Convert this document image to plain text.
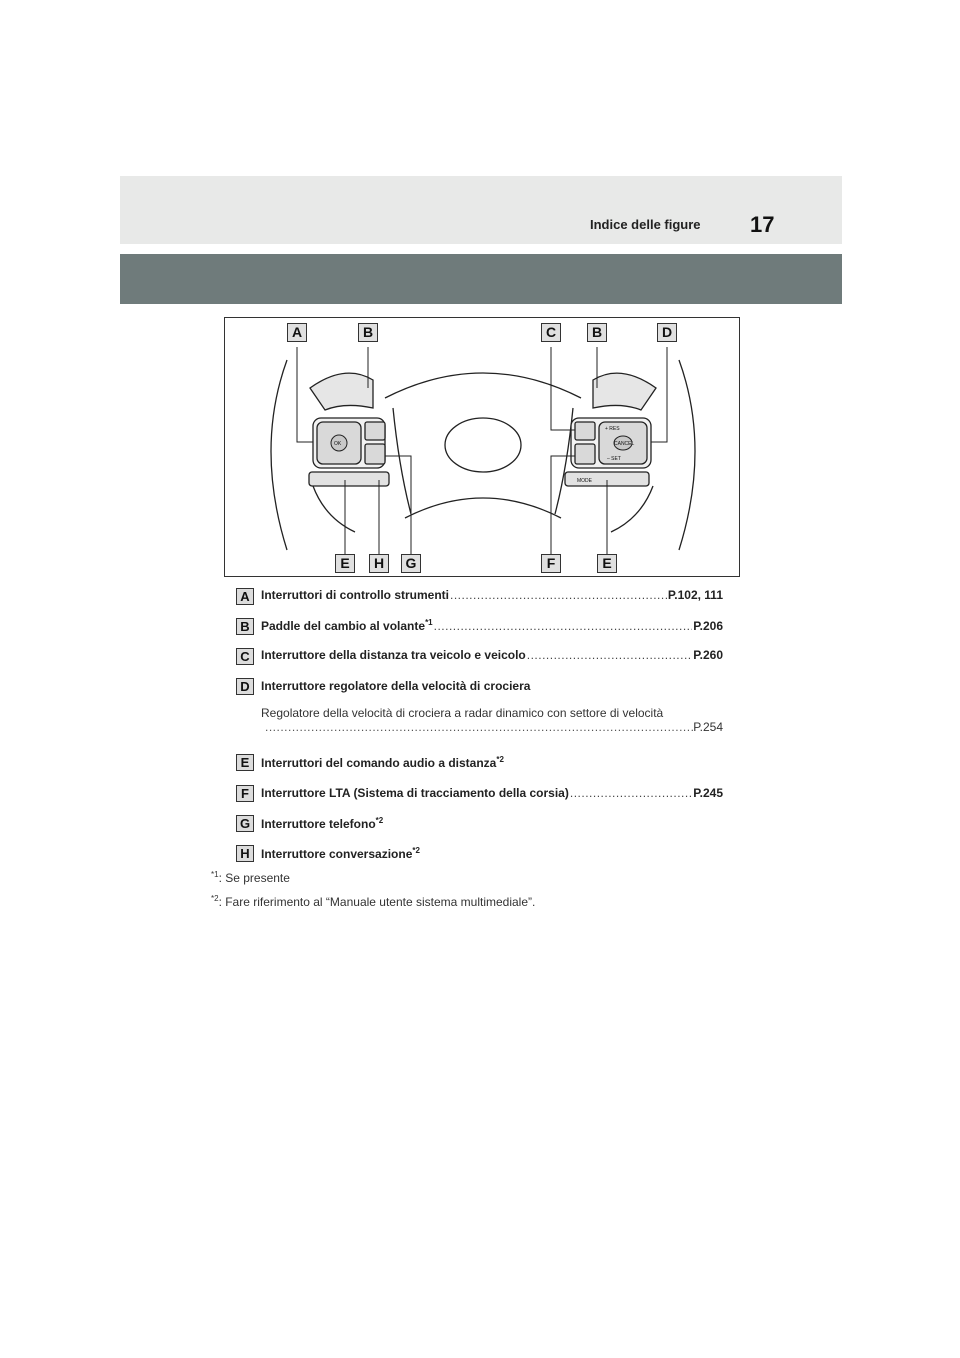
Indice delle figure 17
OK
+ RES
CANCEL
– SET
MODE
A	B	C	B	D
E	H	G	F	E
A Interruttori di controllo strumenti .....	P.102, 111
B Paddle del cambio al volante$^{*1}$ .....	P.206
C Interruttore della distanza tra veicolo e veicolo .....	P.260
D Interruttore regolatore della velocità di crociera
Regolatore della velocità di crociera a radar dinamico con settore di velocità
.....
P.254
E Interruttori del comando audio a distanza$^{*2}$
F	Interruttore LTA (Sistema di tracciamento della corsia) .....	P.245
G Interruttore telefono$^{*2}$
H Interruttore conversazione$^{*2}$
$^{*1}$: Se presente
$^{*2}$: Fare riferimento al “Manuale utente sistema multimediale”.
